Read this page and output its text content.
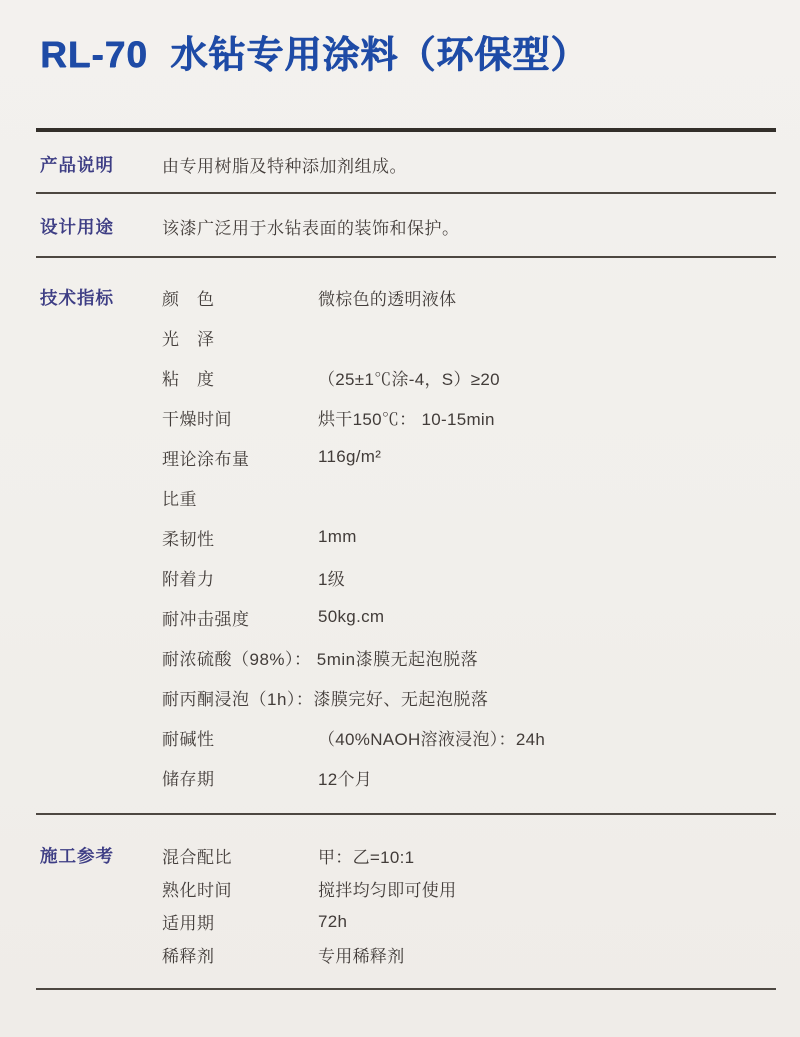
RL-70  水钻专用涂料（环保型）
产品说明	由专用树脂及特种添加剂组成。
设计用途	该漆广泛用于水钻表面的装饰和保护。
技术指标	颜　色	微棕色的透明液体
光　泽
粘　度	（25±1℃涂-4，S）≥20
干燥时间	烘干150℃： 10-15min
理论涂布量	116g/m²
比重
柔韧性	1mm
附着力	1级
耐冲击强度	50kg.cm
耐浓硫酸（98%）： 5min漆膜无起泡脱落
耐丙酮浸泡（1h）：漆膜完好、无起泡脱落
耐碱性	（40%NAOH溶液浸泡）：24h
储存期	12个月
施工参考	混合配比	甲：乙=10:1
熟化时间	搅拌均匀即可使用
适用期	72h
稀释剂	专用稀释剂
